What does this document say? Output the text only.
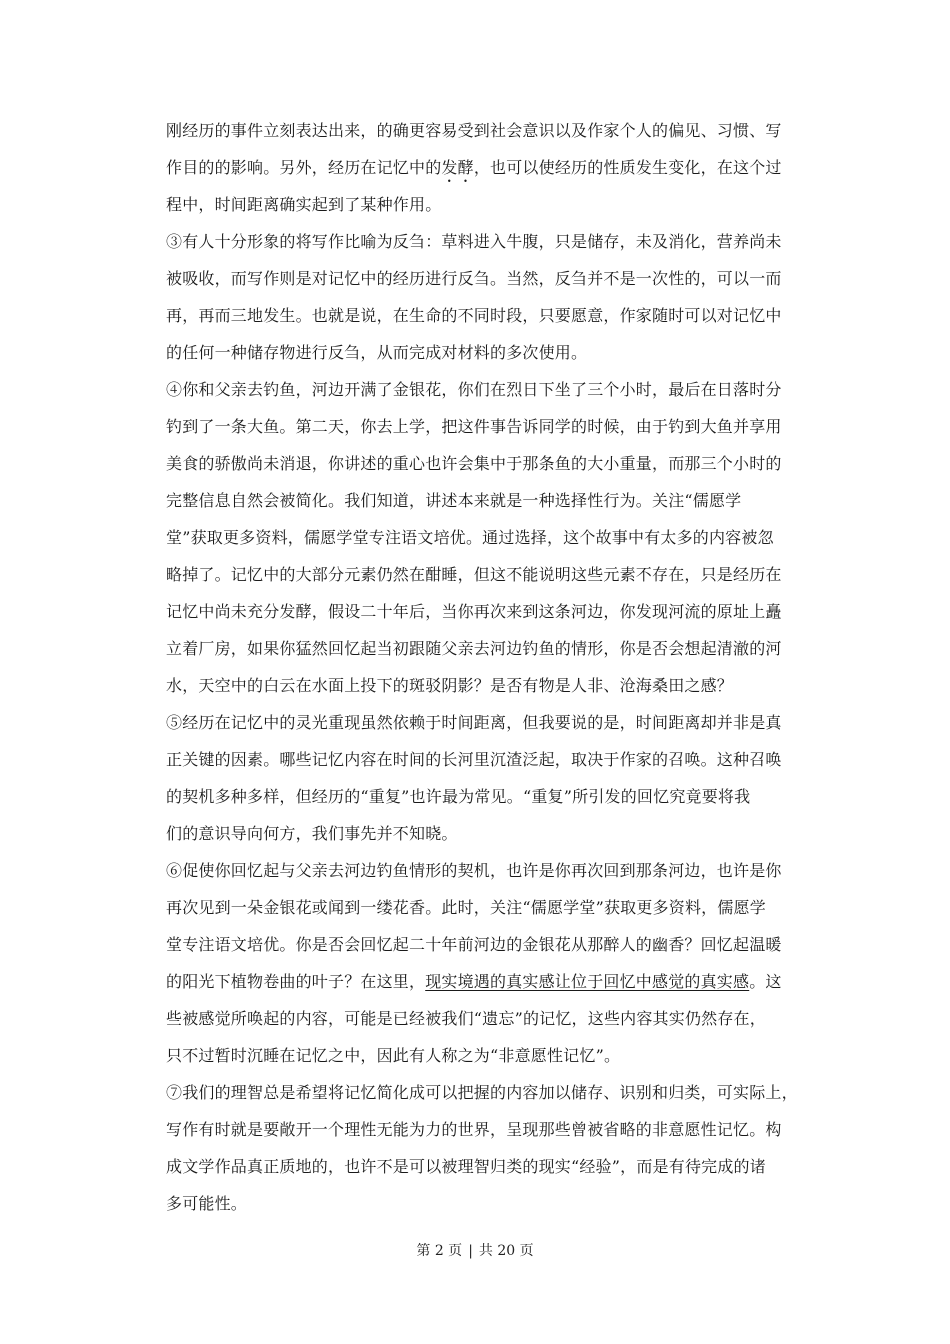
刚经历的事件立刻表达出来，的确更容易受到社会意识以及作家个人的偏见、习惯、写
作目的的影响。另外，经历在记忆中的发酵，也可以使经历的性质发生变化，在这个过
程中，时间距离确实起到了某种作用。
③有人十分形象的将写作比喻为反刍：草料进入牛腹，只是储存，未及消化，营养尚未
被吸收，而写作则是对记忆中的经历进行反刍。当然，反刍并不是一次性的，可以一而
再，再而三地发生。也就是说，在生命的不同时段，只要愿意，作家随时可以对记忆中
的任何一种储存物进行反刍，从而完成对材料的多次使用。
④你和父亲去钓鱼，河边开满了金银花，你们在烈日下坐了三个小时，最后在日落时分
钓到了一条大鱼。第二天，你去上学，把这件事告诉同学的时候，由于钓到大鱼并享用
美食的骄傲尚未消退，你讲述的重心也许会集中于那条鱼的大小重量，而那三个小时的
完整信息自然会被简化。我们知道，讲述本来就是一种选择性行为。关注“儒愿学
堂”获取更多资料，儒愿学堂专注语文培优。通过选择，这个故事中有太多的内容被忽
略掉了。记忆中的大部分元素仍然在酣睡，但这不能说明这些元素不存在，只是经历在
记忆中尚未充分发酵，假设二十年后，当你再次来到这条河边，你发现河流的原址上矗
立着厂房，如果你猛然回忆起当初跟随父亲去河边钓鱼的情形，你是否会想起清澈的河
水，天空中的白云在水面上投下的斑驳阴影？是否有物是人非、沧海桑田之感？
⑤经历在记忆中的灵光重现虽然依赖于时间距离，但我要说的是，时间距离却并非是真
正关键的因素。哪些记忆内容在时间的长河里沉渣泛起，取决于作家的召唤。这种召唤
的契机多种多样，但经历的“重复”也许最为常见。“重复”所引发的回忆究竟要将我
们的意识导向何方，我们事先并不知晓。
⑥促使你回忆起与父亲去河边钓鱼情形的契机，也许是你再次回到那条河边，也许是你
再次见到一朵金银花或闻到一缕花香。此时，关注“儒愿学堂”获取更多资料，儒愿学
堂专注语文培优。你是否会回忆起二十年前河边的金银花从那醉人的幽香？回忆起温暖
的阳光下植物卷曲的叶子？在这里，现实境遇的真实感让位于回忆中感觉的真实感。这
些被感觉所唤起的内容，可能是已经被我们“遗忘”的记忆，这些内容其实仍然存在，
只不过暂时沉睡在记忆之中，因此有人称之为“非意愿性记忆”。
⑦我们的理智总是希望将记忆简化成可以把握的内容加以储存、识别和归类，可实际上，
写作有时就是要敞开一个理性无能为力的世界，呈现那些曾被省略的非意愿性记忆。构
成文学作品真正质地的，也许不是可以被理智归类的现实“经验”，而是有待完成的诸
多可能性。
第 2 页 | 共 20 页
